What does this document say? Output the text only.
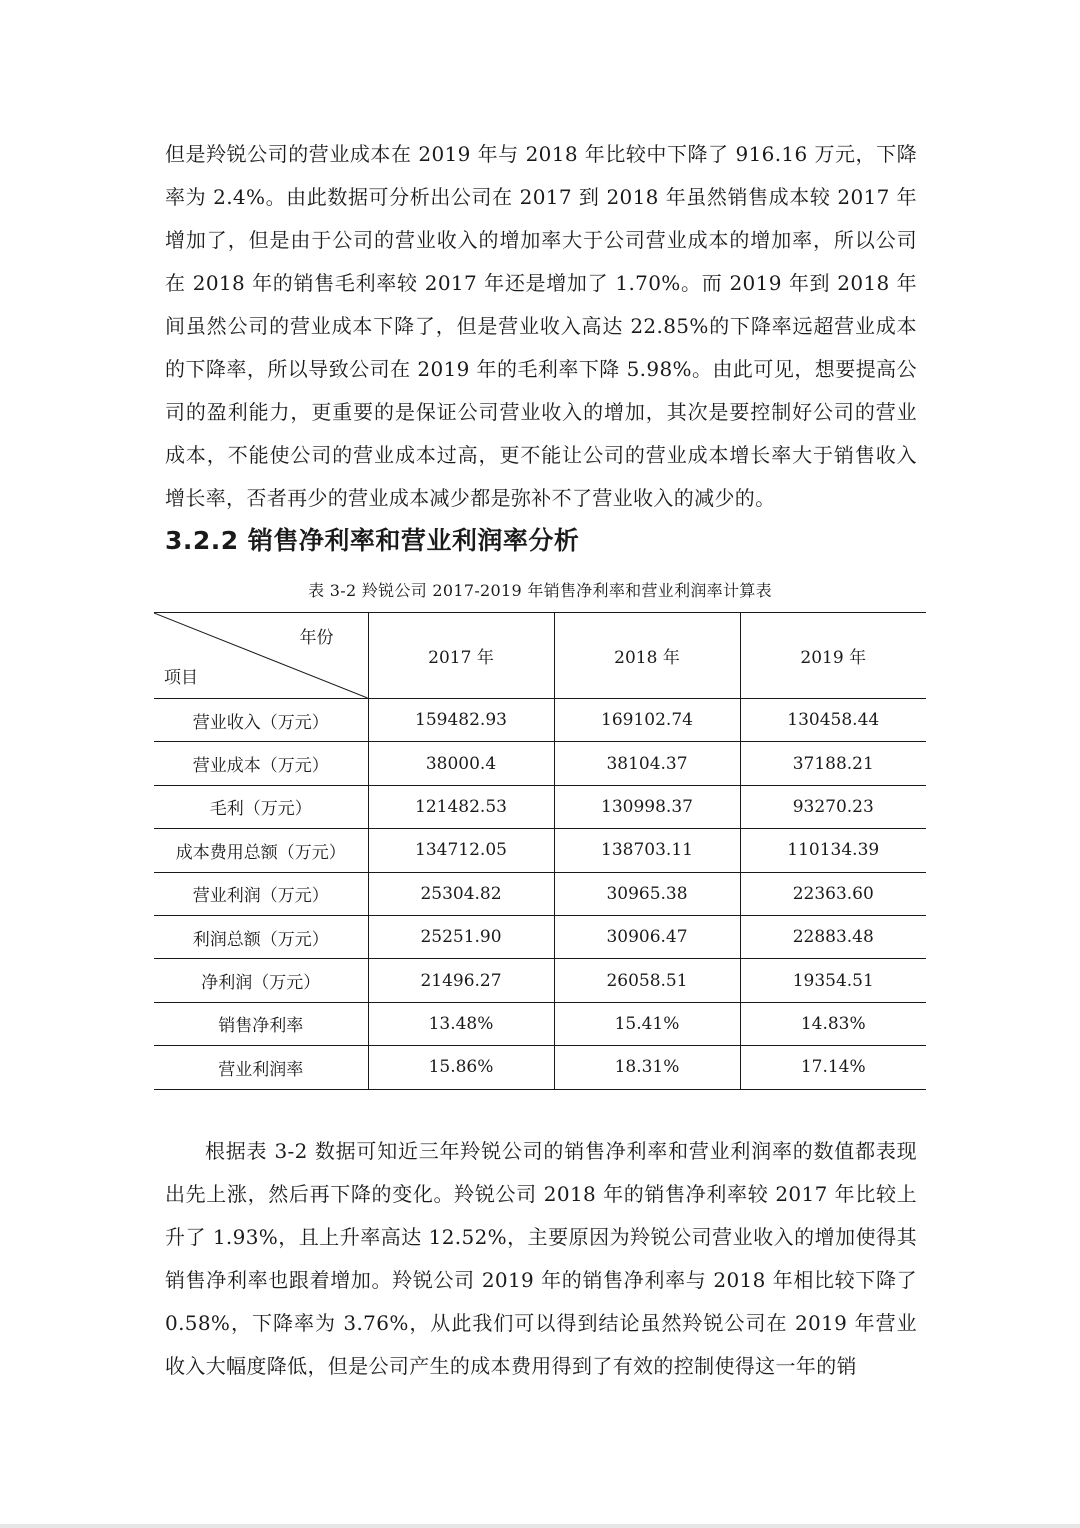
但是羚锐公司的营业成本在 2019 年与 2018 年比较中下降了 916.16 万元，下降率为 2.4%。由此数据可分析出公司在 2017 到 2018 年虽然销售成本较 2017 年增加了，但是由于公司的营业收入的增加率大于公司营业成本的增加率，所以公司在 2018 年的销售毛利率较 2017 年还是增加了 1.70%。而 2019 年到 2018 年间虽然公司的营业成本下降了，但是营业收入高达 22.85%的下降率远超营业成本的下降率，所以导致公司在 2019 年的毛利率下降 5.98%。由此可见，想要提高公司的盈利能力，更重要的是保证公司营业收入的增加，其次是要控制好公司的营业成本，不能使公司的营业成本过高，更不能让公司的营业成本增长率大于销售收入增长率，否者再少的营业成本减少都是弥补不了营业收入的减少的。

3.2.2 销售净利率和营业利润率分析
表 3-2 羚锐公司 2017-2019 年销售净利率和营业利润率计算表
年份
项目	2017 年	2018 年	2019 年
营业收入（万元）	159482.93	169102.74	130458.44
营业成本（万元）	38000.4	38104.37	37188.21
毛利（万元）	121482.53	130998.37	93270.23
成本费用总额（万元）	134712.05	138703.11	110134.39
营业利润（万元）	25304.82	30965.38	22363.60
利润总额（万元）	25251.90	30906.47	22883.48
净利润（万元）	21496.27	26058.51	19354.51
销售净利率	13.48%	15.41%	14.83%
营业利润率	15.86%	18.31%	17.14%

根据表 3-2 数据可知近三年羚锐公司的销售净利率和营业利润率的数值都表现出先上涨，然后再下降的变化。羚锐公司 2018 年的销售净利率较 2017 年比较上升了 1.93%，且上升率高达 12.52%，主要原因为羚锐公司营业收入的增加使得其销售净利率也跟着增加。羚锐公司 2019 年的销售净利率与 2018 年相比较下降了 0.58%，下降率为 3.76%，从此我们可以得到结论虽然羚锐公司在 2019 年营业收入大幅度降低，但是公司产生的成本费用得到了有效的控制使得这一年的销
